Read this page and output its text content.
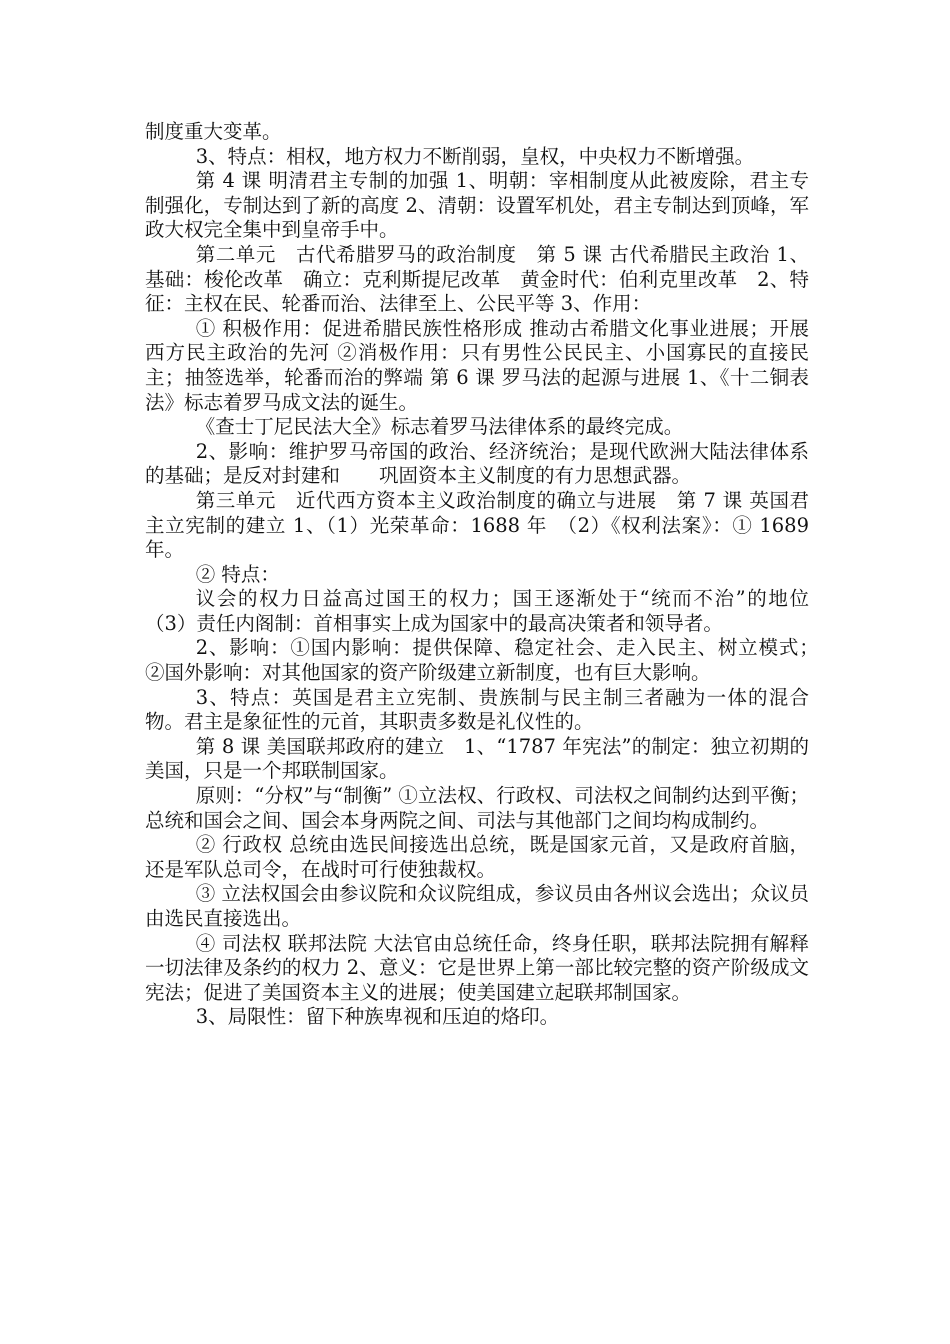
制度重大变革。

3、特点：相权，地方权力不断削弱，皇权，中央权力不断增强。

第 4 课 明清君主专制的加强 1、明朝：宰相制度从此被废除，君主专制强化，专制达到了新的高度 2、清朝：设置军机处，君主专制达到顶峰，军政大权完全集中到皇帝手中。

第二单元　古代希腊罗马的政治制度　第 5 课 古代希腊民主政治 1、 基础：梭伦改革　确立：克利斯提尼改革　黄金时代：伯利克里改革　2、特征：主权在民、轮番而治、法律至上、公民平等 3、作用：

① 积极作用：促进希腊民族性格形成 推动古希腊文化事业进展；开展西方民主政治的先河 ②消极作用：只有男性公民民主、小国寡民的直接民主；抽签选举，轮番而治的弊端 第 6 课 罗马法的起源与进展 1、《十二铜表法》标志着罗马成文法的诞生。

《查士丁尼民法大全》标志着罗马法律体系的最终完成。

2、影响：维护罗马帝国的政治、经济统治；是现代欧洲大陆法律体系的基础；是反对封建和　　巩固资本主义制度的有力思想武器。

第三单元　近代西方资本主义政治制度的确立与进展　第 7 课 英国君主立宪制的建立 1、（1）光荣革命：1688 年　（2）《权利法案》：① 1689 年。

② 特点：

议会的权力日益高过国王的权力；国王逐渐处于“统而不治”的地位　（3）责任内阁制：首相事实上成为国家中的最高决策者和领导者。

2、影响：①国内影响：提供保障、稳定社会、走入民主、树立模式；　②国外影响：对其他国家的资产阶级建立新制度，也有巨大影响。

3、特点：英国是君主立宪制、贵族制与民主制三者融为一体的混合物。君主是象征性的元首，其职责多数是礼仪性的。

第 8 课 美国联邦政府的建立　1、“1787 年宪法”的制定：独立初期的美国，只是一个邦联制国家。

原则：“分权”与“制衡” ①立法权、行政权、司法权之间制约达到平衡；总统和国会之间、国会本身两院之间、司法与其他部门之间均构成制约。

② 行政权 总统由选民间接选出总统，既是国家元首，又是政府首脑，还是军队总司令，在战时可行使独裁权。

③ 立法权国会由参议院和众议院组成，参议员由各州议会选出；众议员由选民直接选出。

④ 司法权 联邦法院 大法官由总统任命，终身任职，联邦法院拥有解释一切法律及条约的权力 2、意义：它是世界上第一部比较完整的资产阶级成文宪法；促进了美国资本主义的进展；使美国建立起联邦制国家。

3、局限性：留下种族卑视和压迫的烙印。
